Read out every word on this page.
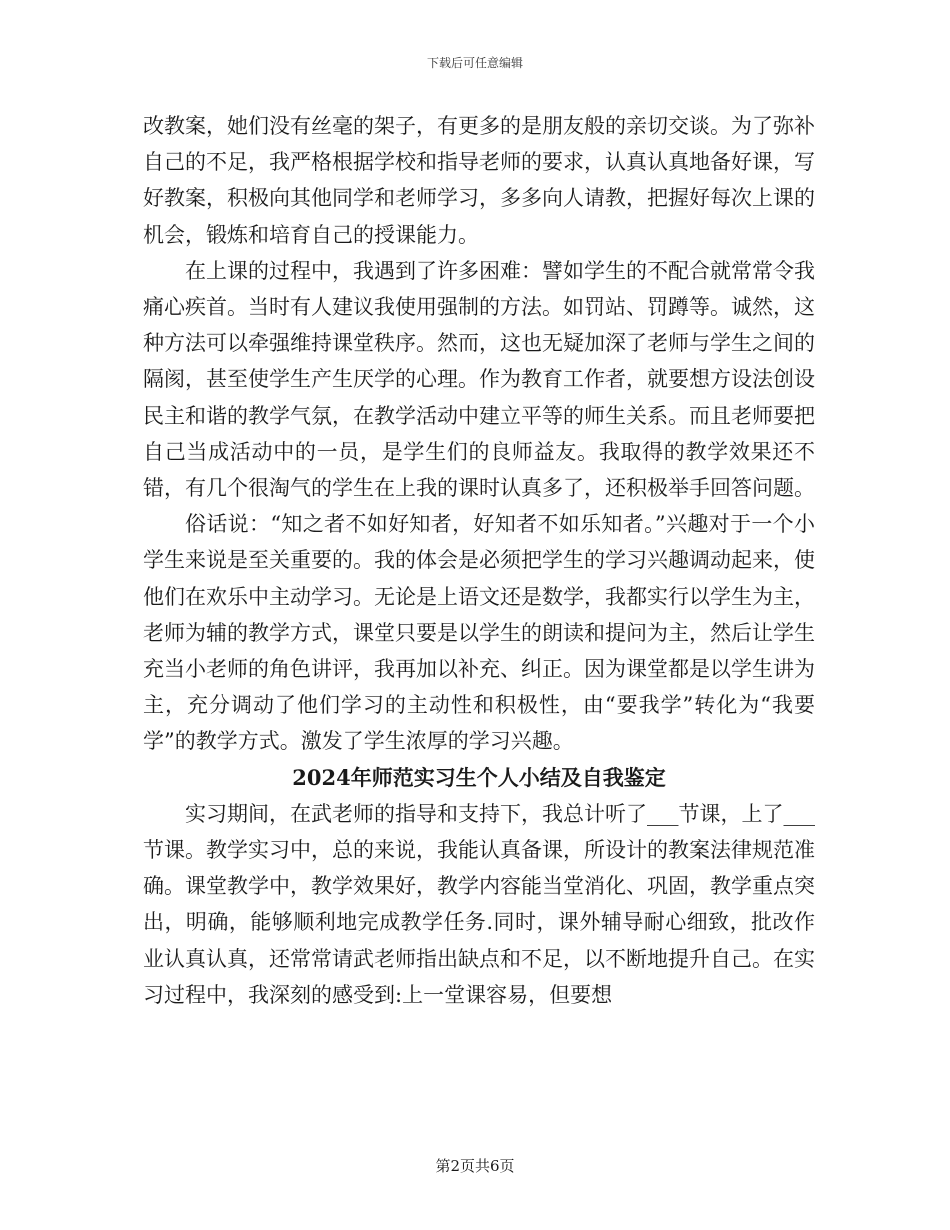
下载后可任意编辑

改教案，她们没有丝毫的架子，有更多的是朋友般的亲切交谈。为了弥补自己的不足，我严格根据学校和指导老师的要求，认真认真地备好课，写好教案，积极向其他同学和老师学习，多多向人请教，把握好每次上课的机会，锻炼和培育自己的授课能力。

在上课的过程中，我遇到了许多困难：譬如学生的不配合就常常令我痛心疾首。当时有人建议我使用强制的方法。如罚站、罚蹲等。诚然，这种方法可以牵强维持课堂秩序。然而，这也无疑加深了老师与学生之间的隔阂，甚至使学生产生厌学的心理。作为教育工作者，就要想方设法创设民主和谐的教学气氛，在教学活动中建立平等的师生关系。而且老师要把自己当成活动中的一员，是学生们的良师益友。我取得的教学效果还不错，有几个很淘气的学生在上我的课时认真多了，还积极举手回答问题。

俗话说：“知之者不如好知者，好知者不如乐知者。”兴趣对于一个小学生来说是至关重要的。我的体会是必须把学生的学习兴趣调动起来，使他们在欢乐中主动学习。无论是上语文还是数学，我都实行以学生为主，老师为辅的教学方式，课堂只要是以学生的朗读和提问为主，然后让学生充当小老师的角色讲评，我再加以补充、纠正。因为课堂都是以学生讲为主，充分调动了他们学习的主动性和积极性，由“要我学”转化为“我要学”的教学方式。激发了学生浓厚的学习兴趣。

2024年师范实习生个人小结及自我鉴定

实习期间，在武老师的指导和支持下，我总计听了___节课，上了___节课。教学实习中，总的来说，我能认真备课，所设计的教案法律规范准确。课堂教学中，教学效果好，教学内容能当堂消化、巩固，教学重点突出，明确，能够顺利地完成教学任务.同时，课外辅导耐心细致，批改作业认真认真，还常常请武老师指出缺点和不足，以不断地提升自己。在实习过程中，我深刻的感受到:上一堂课容易，但要想

第2页共6页
